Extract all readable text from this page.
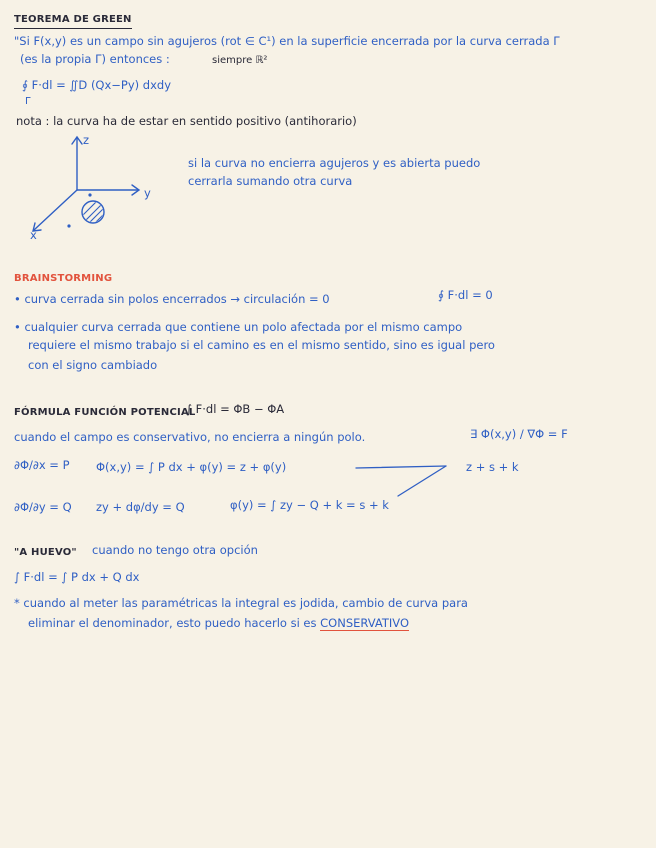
TEOREMA DE GREEN
"Si F(x,y) es un campo sin agujeros (rot ∈ C¹) en la superficie encerrada por la curva cerrada Γ
(es la propia Γ) entonces :	siempre ℝ²
∮ F·dl = ∬D (Qx−Py) dxdy
Γ
nota : la curva ha de estar en sentido positivo (antihorario)
z
y
x
si la curva no encierra agujeros y es abierta puedo
cerrarla sumando otra curva
BRAINSTORMING
• curva cerrada sin polos encerrados → circulación = 0	∮ F·dl = 0
• cualquier curva cerrada que contiene un polo afectada por el mismo campo
requiere el mismo trabajo si el camino es en el mismo sentido, sino es igual pero
con el signo cambiado
FÓRMULA FUNCIÓN POTENCIAL
∫ F·dl = ΦB − ΦA
cuando el campo es conservativo, no encierra a ningún polo.	∃ Φ(x,y) / ∇Φ = F
∂Φ/∂x = P Φ(x,y) = ∫ P dx + φ(y) = z + φ(y)	z + s + k
∂Φ/∂y = Q zy + dφ/dy = Q	φ(y) = ∫ zy − Q + k = s + k
"A HUEVO" cuando no tengo otra opción
∫ F·dl = ∫ P dx + Q dx
* cuando al meter las paramétricas la integral es jodida, cambio de curva para
eliminar el denominador, esto puedo hacerlo si es CONSERVATIVO
